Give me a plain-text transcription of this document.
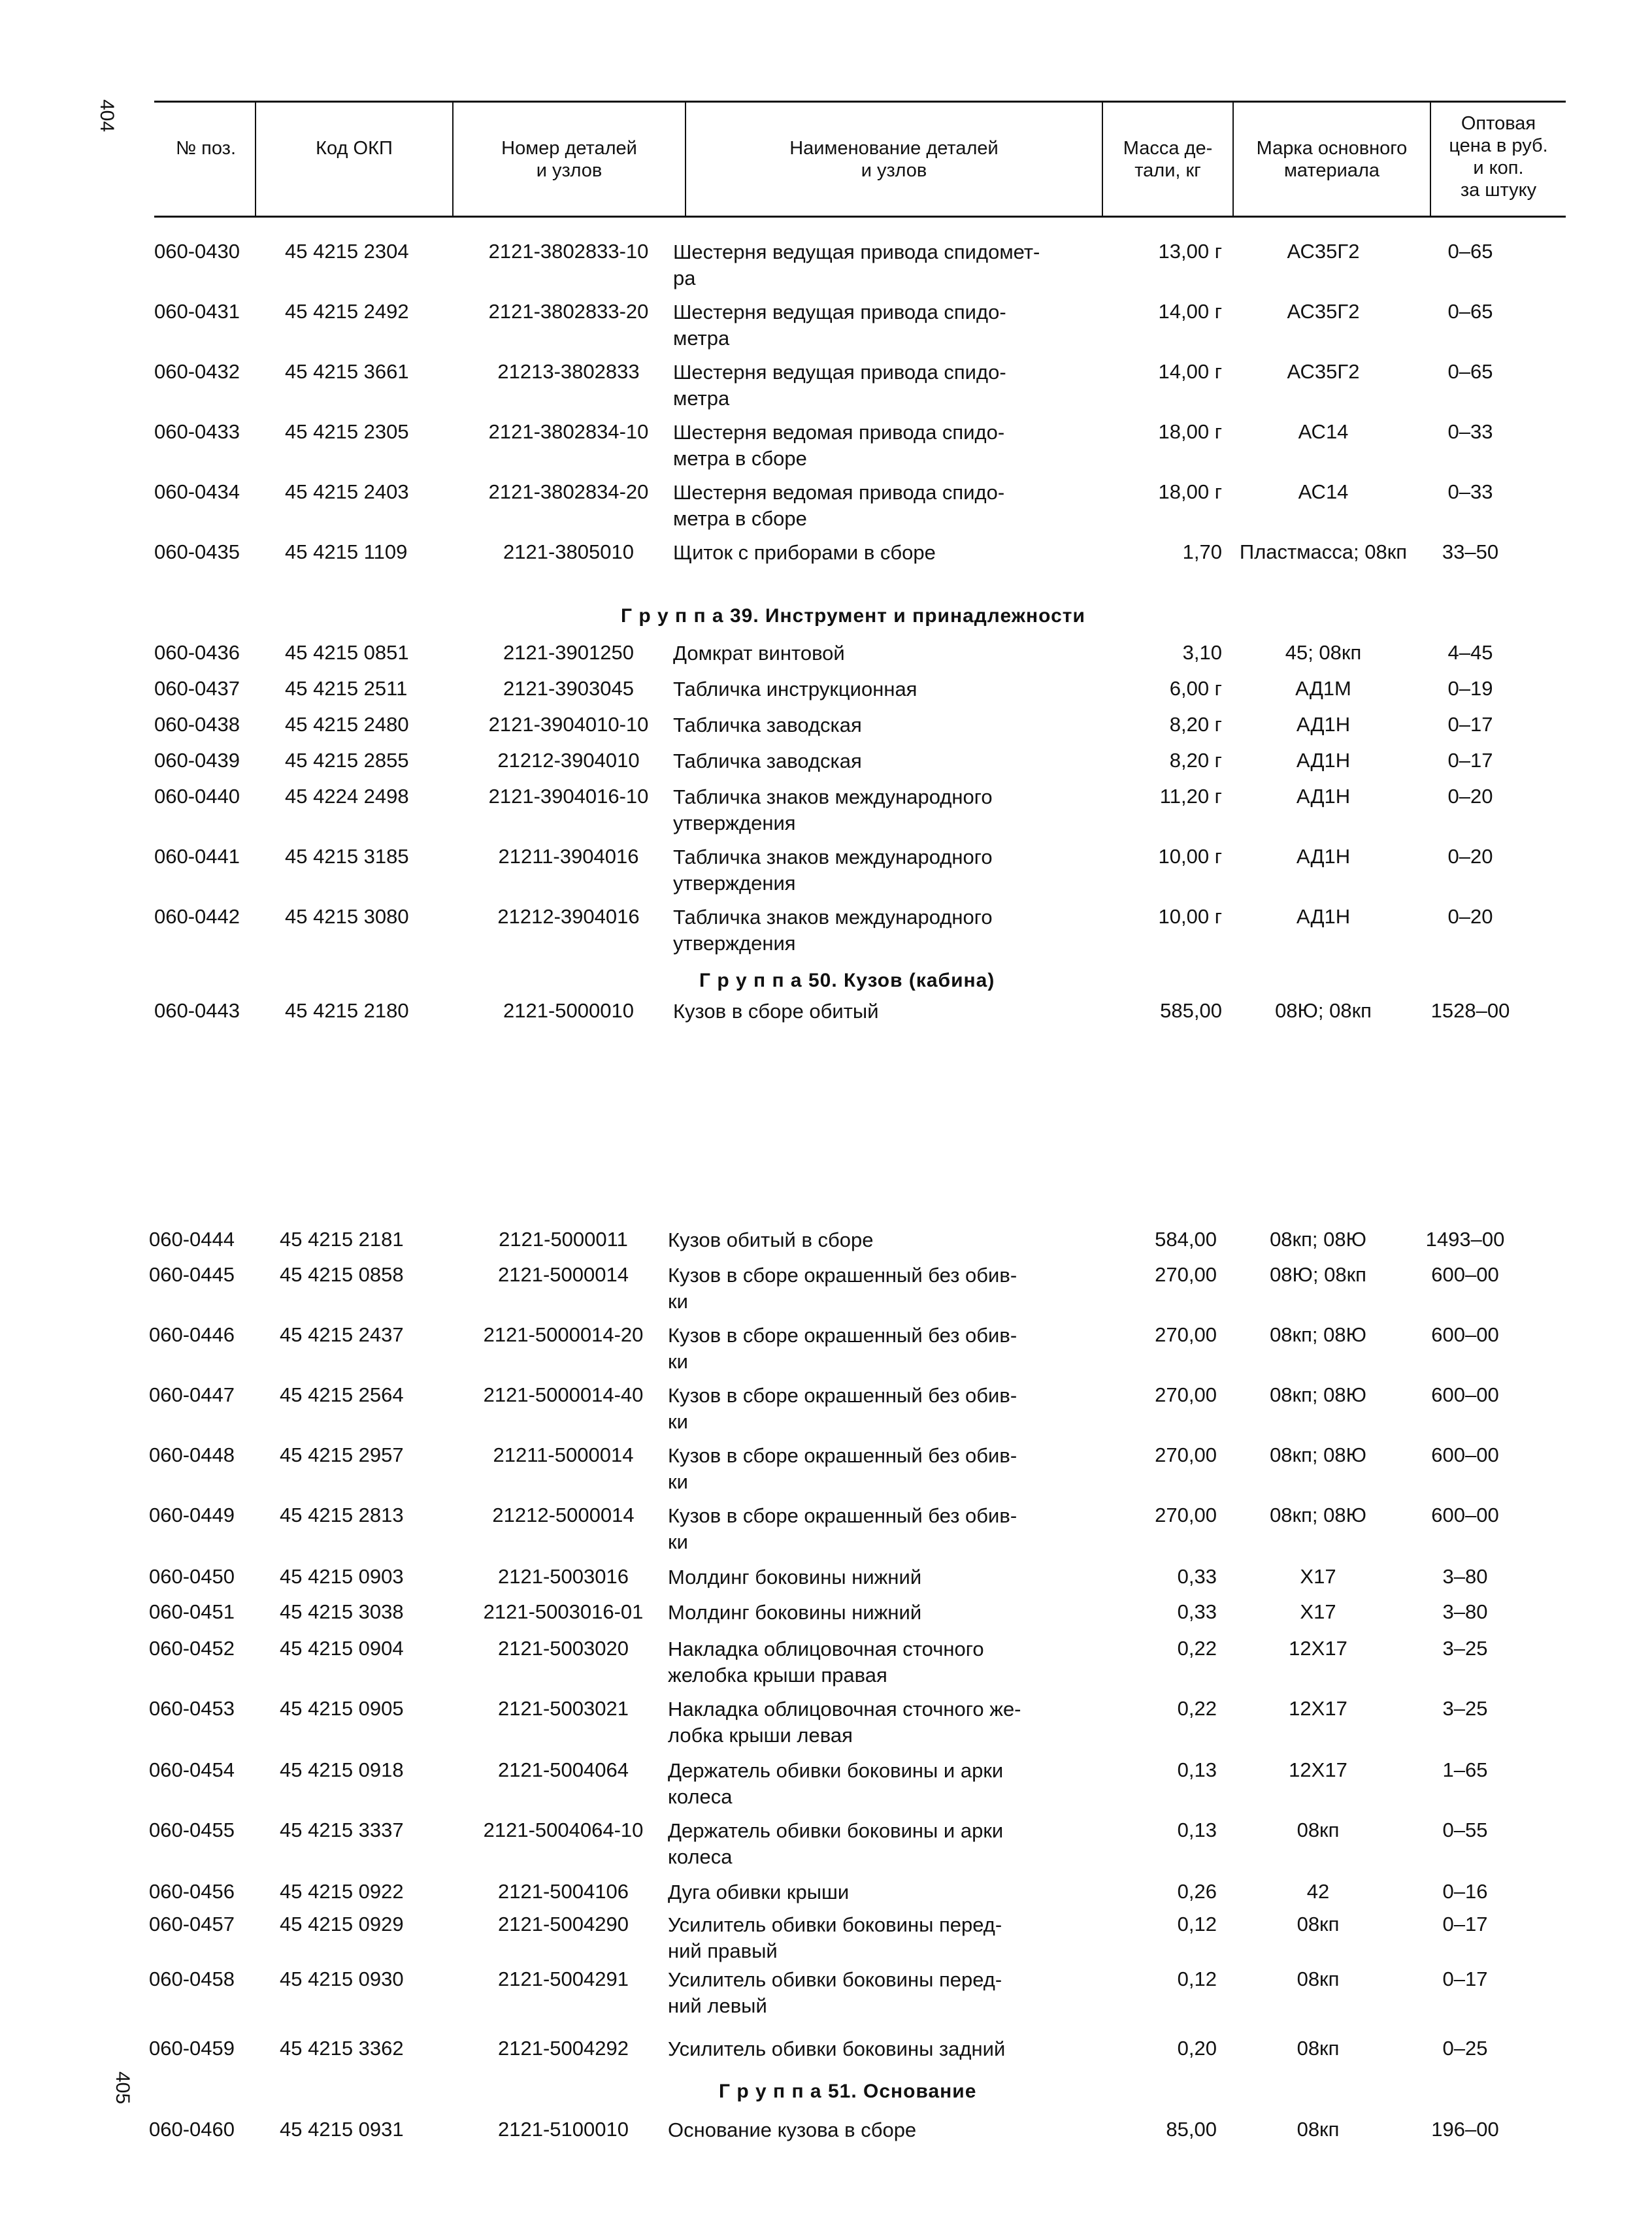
404
405
№ поз.	Код ОКП	Номер деталей
и узлов
Наименование деталей
и узлов
Масса де-
тали, кг
Марка основного
материала
Оптовая
цена в руб.
и коп.
за штуку
Г р у п п а 39. Инструмент и принадлежности
Г р у п п а 50. Кузов (кабина)
Г р у п п а 51. Основание
060-0430 45 4215 2304	2121-3802833-10	Шестерня ведущая привода спидомет-
ра
13,00 г	АС35Г2	0–65
060-0431 45 4215 2492	2121-3802833-20	Шестерня ведущая привода спидо-
метра
14,00 г	АС35Г2	0–65
060-0432 45 4215 3661	21213-3802833	Шестерня ведущая привода спидо-
метра
14,00 г	АС35Г2	0–65
060-0433 45 4215 2305	2121-3802834-10	Шестерня ведомая привода спидо-
метра в сборе
18,00 г	АС14	0–33
060-0434 45 4215 2403	2121-3802834-20	Шестерня ведомая привода спидо-
метра в сборе
18,00 г	АС14	0–33
060-0435 45 4215 1109	2121-3805010	Щиток с приборами в сборе	1,70 Пластмасса; 08кп	33–50
060-0436 45 4215 0851	2121-3901250	Домкрат винтовой	3,10	45; 08кп	4–45
060-0437 45 4215 2511	2121-3903045	Табличка инструкционная	6,00 г	АД1М	0–19
060-0438 45 4215 2480	2121-3904010-10	Табличка заводская	8,20 г	АД1Н	0–17
060-0439 45 4215 2855	21212-3904010	Табличка заводская	8,20 г	АД1Н	0–17
060-0440 45 4224 2498	2121-3904016-10	Табличка знаков международного
утверждения
11,20 г	АД1Н	0–20
060-0441 45 4215 3185	21211-3904016	Табличка знаков международного
утверждения
10,00 г	АД1Н	0–20
060-0442 45 4215 3080	21212-3904016	Табличка знаков международного
утверждения
10,00 г	АД1Н	0–20
060-0443 45 4215 2180	2121-5000010	Кузов в сборе обитый	585,00	08Ю; 08кп	1528–00
060-0444 45 4215 2181	2121-5000011	Кузов обитый в сборе	584,00	08кп; 08Ю	1493–00
060-0445 45 4215 0858	2121-5000014	Кузов в сборе окрашенный без обив-
ки
270,00	08Ю; 08кп	600–00
060-0446 45 4215 2437	2121-5000014-20	Кузов в сборе окрашенный без обив-
ки
270,00	08кп; 08Ю	600–00
060-0447 45 4215 2564	2121-5000014-40	Кузов в сборе окрашенный без обив-
ки
270,00	08кп; 08Ю	600–00
060-0448 45 4215 2957	21211-5000014	Кузов в сборе окрашенный без обив-
ки
270,00	08кп; 08Ю	600–00
060-0449 45 4215 2813	21212-5000014	Кузов в сборе окрашенный без обив-
ки
270,00	08кп; 08Ю	600–00
060-0450 45 4215 0903	2121-5003016	Молдинг боковины нижний	0,33	Х17	3–80
060-0451 45 4215 3038	2121-5003016-01	Молдинг боковины нижний	0,33	Х17	3–80
060-0452 45 4215 0904	2121-5003020	Накладка облицовочная сточного
желобка крыши правая
0,22	12Х17	3–25
060-0453 45 4215 0905	2121-5003021	Накладка облицовочная сточного же-
лобка крыши левая
0,22	12Х17	3–25
060-0454 45 4215 0918	2121-5004064	Держатель обивки боковины и арки
колеса
0,13	12Х17	1–65
060-0455 45 4215 3337	2121-5004064-10	Держатель обивки боковины и арки
колеса
0,13	08кп	0–55
060-0456 45 4215 0922	2121-5004106	Дуга обивки крыши	0,26	42	0–16
060-0457 45 4215 0929	2121-5004290	Усилитель обивки боковины перед-
ний правый
0,12	08кп	0–17
060-0458 45 4215 0930	2121-5004291	Усилитель обивки боковины перед-
ний левый
0,12	08кп	0–17
060-0459 45 4215 3362	2121-5004292	Усилитель обивки боковины задний	0,20	08кп	0–25
060-0460 45 4215 0931	2121-5100010	Основание кузова в сборе	85,00	08кп	196–00
